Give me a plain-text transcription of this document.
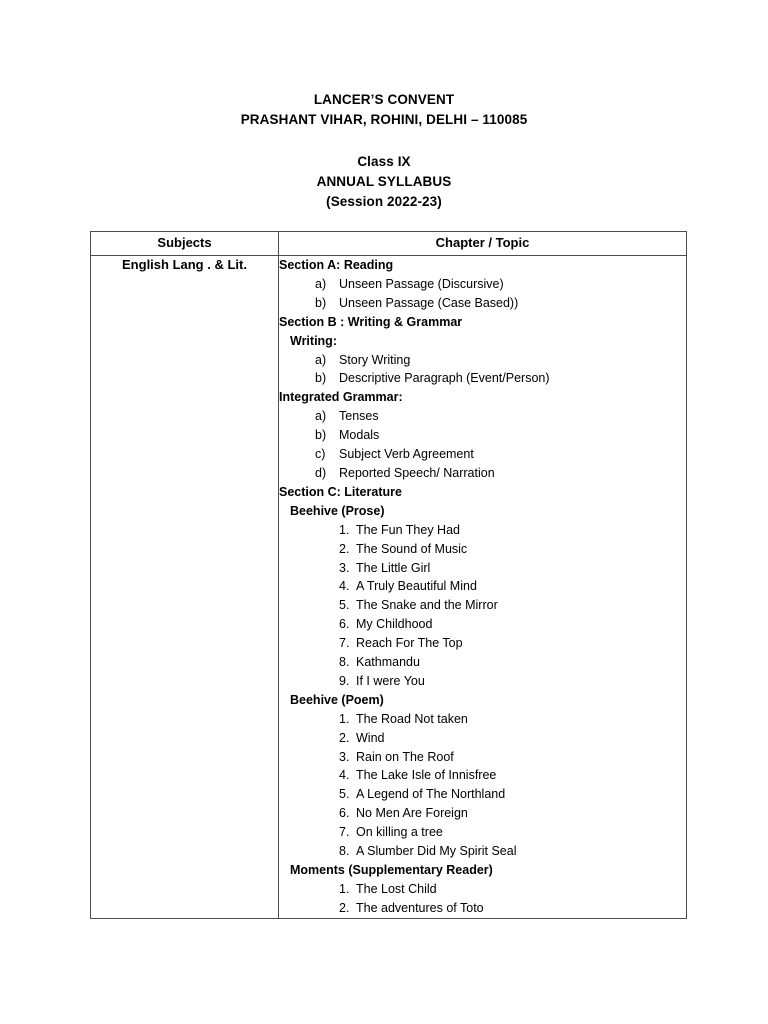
LANCER’S CONVENT
PRASHANT VIHAR, ROHINI, DELHI – 110085
Class IX
ANNUAL SYLLABUS
(Session 2022-23)
Subjects	Chapter / Topic
English Lang . & Lit.	Section A: Reading
a) Unseen Passage (Discursive)
b) Unseen Passage (Case Based))
Section B : Writing & Grammar
Writing:
a) Story Writing
b) Descriptive Paragraph (Event/Person)
Integrated Grammar:
a) Tenses
b) Modals
c) Subject Verb Agreement
d) Reported Speech/ Narration
Section C: Literature
Beehive (Prose)
1. The Fun They Had
2. The Sound of Music
3. The Little Girl
4. A Truly Beautiful Mind
5. The Snake and the Mirror
6. My Childhood
7. Reach For The Top
8. Kathmandu
9. If I were You
Beehive (Poem)
1. The Road Not taken
2. Wind
3. Rain on The Roof
4. The Lake Isle of Innisfree
5. A Legend of The Northland
6. No Men Are Foreign
7. On killing a tree
8. A Slumber Did My Spirit Seal
Moments (Supplementary Reader)
1. The Lost Child
2. The adventures of Toto
